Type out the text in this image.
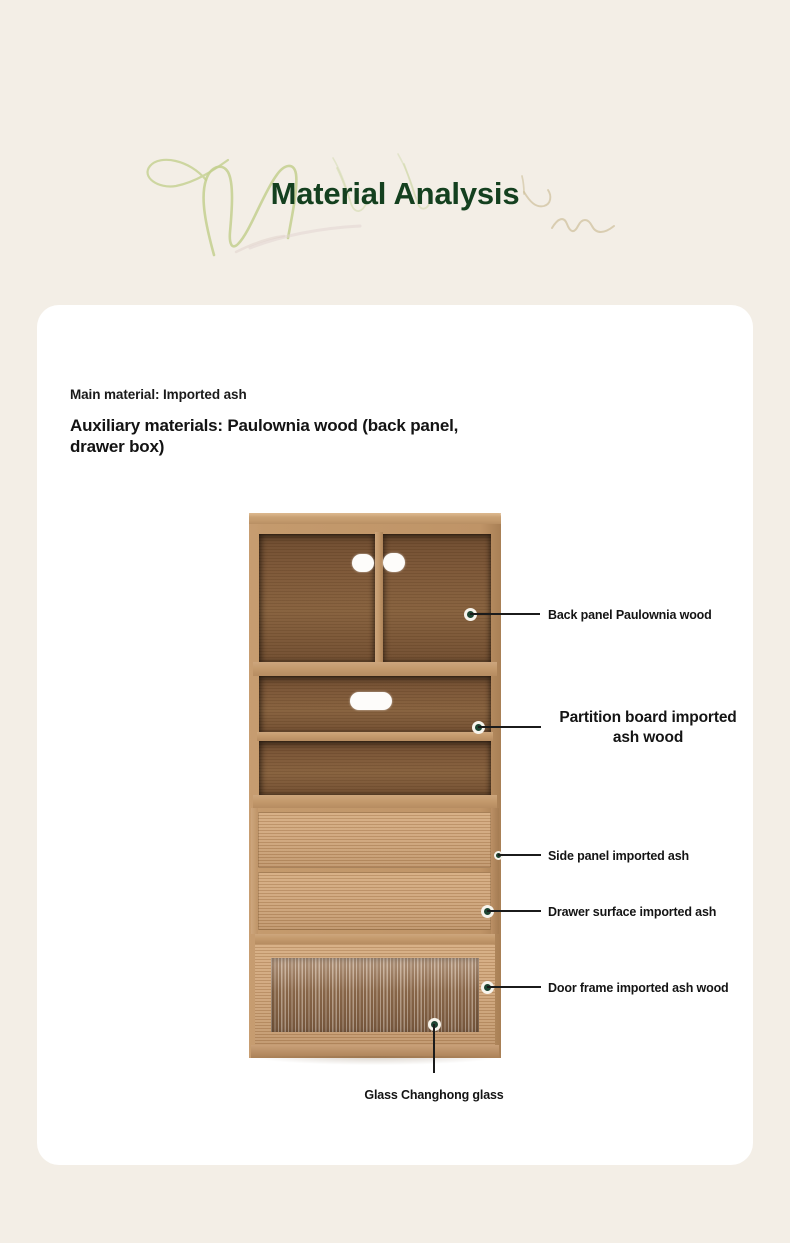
Material Analysis
Main material: Imported ash
Auxiliary materials: Paulownia wood (back panel, drawer box)
Back panel Paulownia wood
Partition board imported ash wood
Side panel imported ash
Drawer surface imported ash
Door frame imported ash wood
Glass Changhong glass
